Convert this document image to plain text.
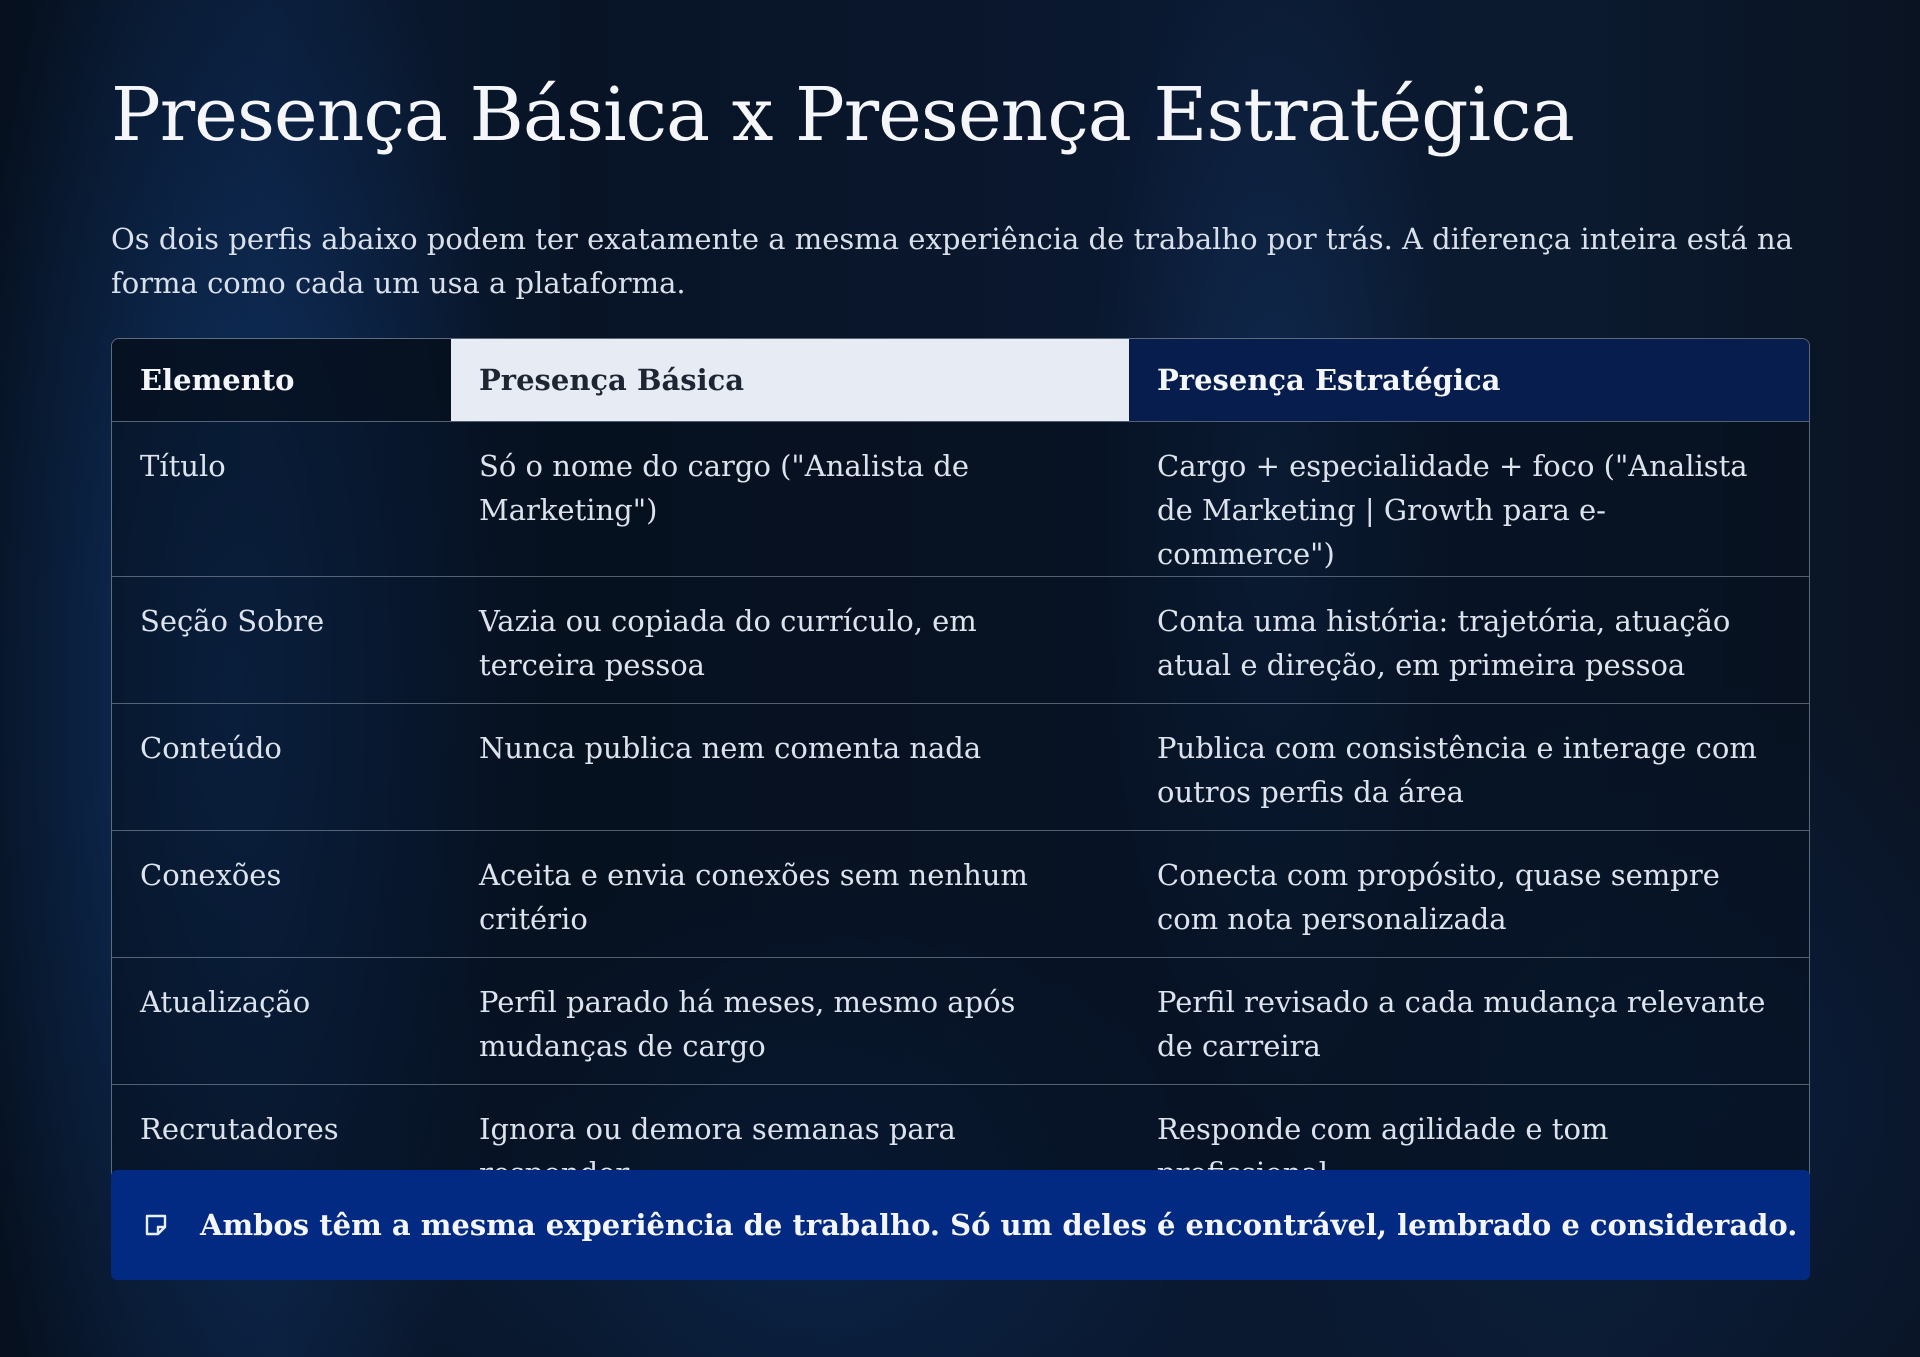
Presença Básica x Presença Estratégica

Os dois perfis abaixo podem ter exatamente a mesma experiência de trabalho por trás. A diferença inteira está na forma como cada um usa a plataforma.

Elemento	Presença Básica	Presença Estratégica
Título	Só o nome do cargo ("Analista de Marketing")	Cargo + especialidade + foco ("Analista de Marketing | Growth para e-commerce")
Seção Sobre	Vazia ou copiada do currículo, em terceira pessoa	Conta uma história: trajetória, atuação atual e direção, em primeira pessoa
Conteúdo	Nunca publica nem comenta nada	Publica com consistência e interage com outros perfis da área
Conexões	Aceita e envia conexões sem nenhum critério	Conecta com propósito, quase sempre com nota personalizada
Atualização	Perfil parado há meses, mesmo após mudanças de cargo	Perfil revisado a cada mudança relevante de carreira
Recrutadores	Ignora ou demora semanas para	Responde com agilidade e tom
Ambos têm a mesma experiência de trabalho. Só um deles é encontrável, lembrado e considerado.
